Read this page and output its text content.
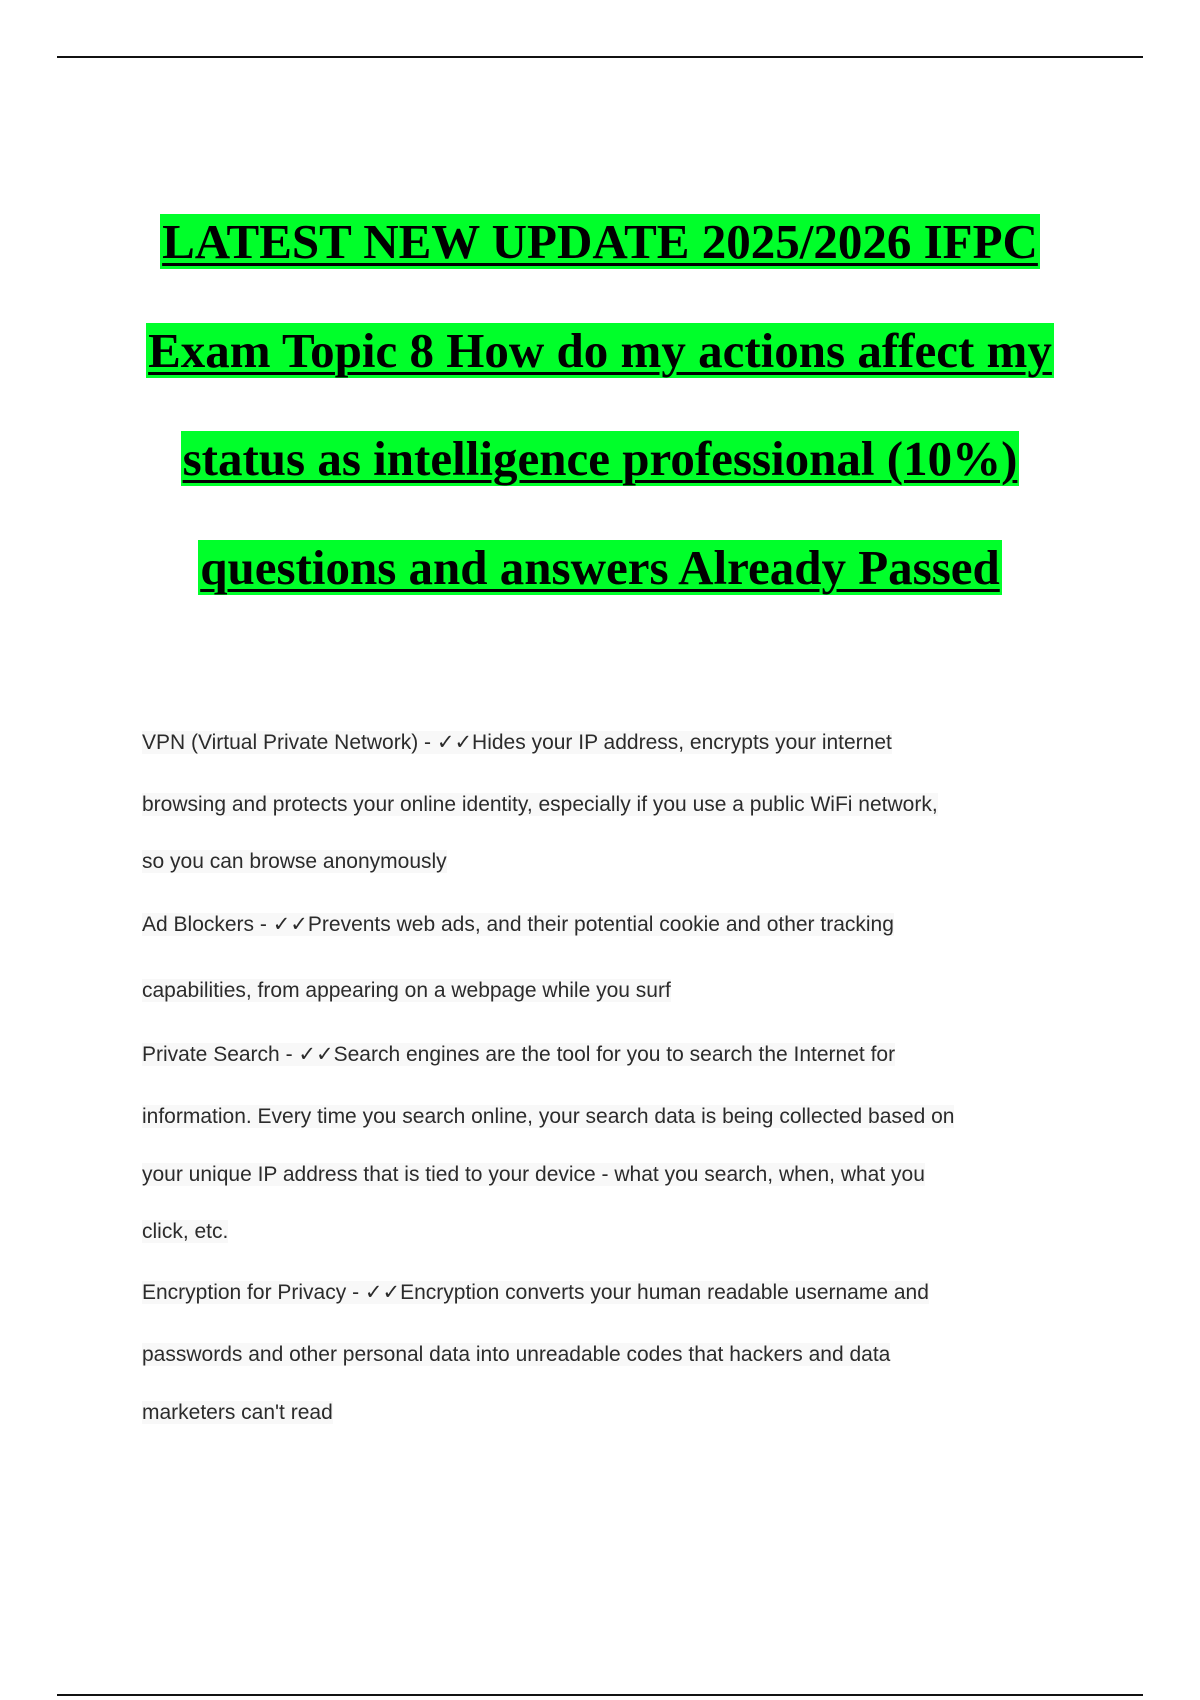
LATEST NEW UPDATE 2025/2026 IFPC
Exam Topic 8 How do my actions affect my
status as intelligence professional (10%)
questions and answers Already Passed
VPN (Virtual Private Network) - ✓✓Hides your IP address, encrypts your internet
browsing and protects your online identity, especially if you use a public WiFi network,
so you can browse anonymously
Ad Blockers - ✓✓Prevents web ads, and their potential cookie and other tracking
capabilities, from appearing on a webpage while you surf
Private Search - ✓✓Search engines are the tool for you to search the Internet for
information. Every time you search online, your search data is being collected based on
your unique IP address that is tied to your device - what you search, when, what you
click, etc.
Encryption for Privacy - ✓✓Encryption converts your human readable username and
passwords and other personal data into unreadable codes that hackers and data
marketers can't read
